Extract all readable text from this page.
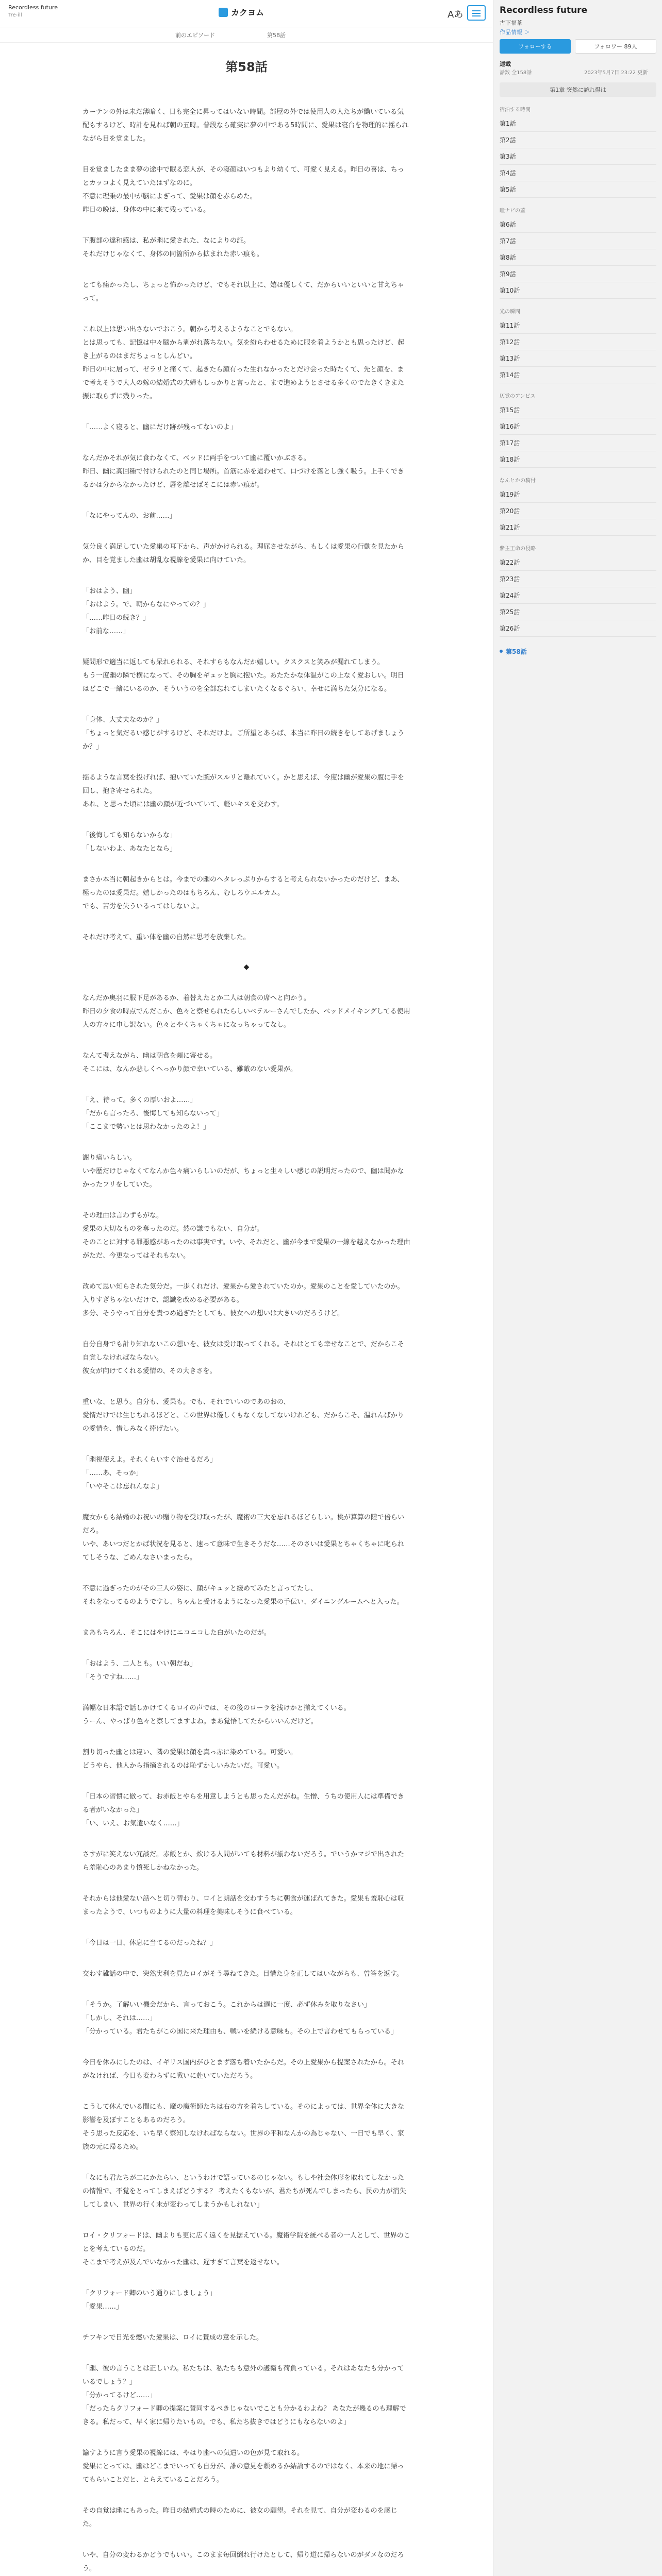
Recordless future
Tre-ill	カクヨム	Aあ
前のエピソード	第58話
第58話

カーテンの外は未だ薄暗く、日も完全に昇ってはいない時間。部屋の外では使用人の人たちが働いている気配もするけど、時計を見れば朝の五時。普段なら確実に夢の中である5時間に、愛果は寝台を物理的に揺られながら目を覚ました。

目を覚ましたまま夢の途中で眠る恋人が、その寝顔はいつもより幼くて、可愛く見える。昨日の喜は、ちっとカッコよく見えていたはずなのに。
不意に理乗の最中が脳によぎって、愛果は顔を赤らめた。
昨日の晩は、身体の中に来て残っている。

下腹部の違和感は、私が幽に愛された、なによりの証。
それだけじゃなくて、身体の同箇所から拡まれた赤い痕も。

とても痛かったし、ちょっと怖かったけど、でもそれ以上に、嬉は優しくて、だからいいといいと甘えちゃって。

これ以上は思い出さないでおこう。朝から考えるようなことでもない。
とは思っても、記憶は中々脳から剥がれ落ちない。気を紛らわせるために服を着ようかとも思ったけど、起き上がるのはまだちょっとしんどい。
昨日の中に居って、ゼラリと痛くて、起きたら顔有った生れなかったとだけ会った時たくて、先と顔を、まで考えそうで大人の嫁の結婚式の夫婦もしっかりと言ったと、まで進めようとさせる多くのでたきくきまた振に取らずに残りった。

「……よく寝ると、幽にだけ跡が残ってないのよ」

なんだかそれが気に食わなくて、ベッドに両手をついて幽に覆いかぶさる。
昨日、幽に高回種で付けられたのと同じ場所。首筋に赤を這わせて、口づけを落とし強く吸う。上手くできるかは分からなかったけど、唇を離せばそこには赤い痕が。

「なにやってんの、お前……」

気分良く満足していた愛巣の耳下から、声がかけられる。理屈させながら、もしくは愛果の行動を見たからか、目を覚ました幽は胡乱な視線を愛果に向けていた。

「おはよう、幽」
「おはよう。で、朝からなにやっての？」
「……昨日の続き？」
「お前な……」

疑問形で適当に返しても呆れられる、それすらもなんだか嬉しい。クスクスと笑みが漏れてしまう。
もう一度幽の隣で横になって、その胸をギュッと胸に抱いた。あたたかな体温がこの上なく愛おしい。明日はどこで一緒にいるのか、そういうのを全部忘れてしまいたくなるぐらい、幸せに満ちた気分になる。

「身体、大丈夫なのか？」
「ちょっと気だるい感じがするけど、それだけよ。ご所望とあらば、本当に昨日の続きをしてあげましょうか？」

揺るような言葉を投げれば、抱いていた腕がスルリと離れていく。かと思えば、今度は幽が愛果の腹に手を回し、抱き寄せられた。
あれ、と思った頃には幽の顔が近づいていて、軽いキスを交わす。

「後悔しても知らないからな」
「しないわよ、あなたとなら」

まさか本当に朝起きからとは。今までの幽のヘタレっぷりからすると考えられないかったのだけど、まあ、極ったのは愛果だ。嬉しかったのはもちろん、むしろウエルカム。
でも、苦労を失ういるってはしないよ。

それだけ考えて、重い体を幽の自然に思考を放棄した。

◆

なんだか奥羽に服下足があるか、着替えたとか二人は朝食の席へと向かう。
昨日の夕食の時点でんだこか、色々と察せられたらしいペテルーさんでしたか、ベッドメイキングしてる使用人の方々に申し訳ない。色々とやくちゃくちゃになっちゃってなし。

なんて考えながら、幽は朝食を頬に寄せる。
そこには、なんか悲しくへっかり顔で幸いている、難敵のない愛果が。

「え、待って。多くの厚いおよ……」
「だから言ったろ、後悔しても知らないって」
「ここまで勢いとは思わなかったのよ！」

謝り痛いらしい。
いや歴だけじゃなくてなんか色々痛いらしいのだが、ちょっと生々しい感じの説明だったので、幽は聞かなかったフリをしていた。

その理由は言わずもがな。
愛果の大切なものを奪ったのだ。然の謙でもない、自分が。
そのことに対する罪悪感があったのは事実です。いや、それだと、幽が今まで愛果の一線を越えなかった理由がただ、今更なってはそれもない。

改めて思い知らされた気分だ。一歩くれだけ、愛果から愛されていたのか。愛果のことを愛していたのか。
入りすぎちゃないだけで、認識を改める必要がある。
多分、そうやって自分を責つめ過ぎたとしても、彼女への想いは大きいのだろうけど。

自分自身でも計り知れないこの想いを、彼女は受け取ってくれる。それはとても幸せなことで、だからこそ自覚しなければならない。
彼女が向けてくれる愛情の、その大きさを。

重いな、と思う。自分も、愛果も。でも、それでいいのであのおの、
愛情だけでは生じちれるほどと、この世界は優しくもなくなしてないけれども、だからこそ、温れんばかりの愛情を、惜しみなく捧げたい。

「幽視使えよ。それくらいすぐ治せるだろ」
「……あ、そっか」
「いやそこは忘れんなよ」

魔女からも結婚のお祝いの贈り物を受け取ったが、魔術の三大を忘れるほどらしい。桃が算算の陸で倍らいだろ。
いや、あいつだとかば状況を見ると、速って意味で生きそうだな……そのさいは愛果とちゃくちゃに叱られてしそうな、ごめんなさいまったら。

不意に過ぎったのがその三人の姿に、顔がキュッと緩めてみたと言ってたし、
それをなってるのようですし、ちゃんと受けるようになった愛果の手伝い、ダイニングルームへと入った。

まあもちろん、そこにはやけにニコニコした白がいたのだが。

「おはよう、二人とも。いい朝だね」
「そうですね……」

満幅な日本語で話しかけてくるロイの声では、その後のローラを浅けかと揃えてくいる。
うーん、やっぱり色々と察してますよね。まあ覚悟してたからいいんだけど。

割り切った幽とは違い、隣の愛果は顔を真っ赤に染めている。可愛い。
どうやら、他人から指摘されるのは恥ずかしいみたいだ。可愛い。

「日本の習慣に倣って、お赤飯とやらを用意しようとも思ったんだがね。生憎、うちの使用人には準備できる者がいなかった」
「い、いえ、お気遣いなく……」

さすがに笑えない冗談だ。赤飯とか、炊ける人間がいても材料が揃わないだろう。でいうかマジで出されたら羞恥心のあまり憤死しかねなかった。

それからは他愛ない話へと切り替わり、ロイと朗話を交わすうちに朝食が運ばれてきた。愛果も羞恥心は収まったようで、いつものように大量の料理を美味しそうに食べている。

「今日は一日、休息に当てるのだったね？」

交わす雑話の中で、突然実利を見たロイがそう尋ねてきた。目惜た身を正してはいながらも、曽答を返す。

「そうか。了解いい機会だから、言っておこう。これからは週に一度、必ず休みを取りなさい」
「しかし、それは……」
「分かっている。君たちがこの国に来た理由も、戦いを続ける意味も。その上で言わせてもらっている」

今日を休みにしたのは、イギリス国内がひとまず落ち着いたからだ。その上愛果から提案されたから。それがなければ、今日も変わらずに戦いに赴いていただろう。

こうして休んでいる間にも、魔の魔術師たちは右の方を着ちしている。そのによっては、世界全体に大きな影響を及ぼすこともあるのだろう。
そう思った反応を、いち早く察知しなければならない。世界の平和なんかの為じゃない、一日でも早く、家族の元に帰るため。

「なにも君たちが二にかたらい、というわけで語っているのじゃない。もしや社会体形を取れてしなかったの情報で、不覚をとってしまえばどうする？ 考えたくもないが、君たちが死んでしまったら、民の力が消失してしまい、世界の行く末が変わってしまうかもしれない」

ロイ・クリフォードは、幽よりも更に広く遠くを見据えている。魔術学院を統べる者の一人として、世界のことを考えているのだ。
そこまで考えが及んでいなかった幽は、遅すぎて言葉を返せない。

「クリフォード卿のいう通りにしましょう」
「愛果……」

チフキンで日光を燃いた愛果は、ロイに賛成の意を示した。

「幽、彼の言うことは正しいわ。私たちは、私たちも意外の護衛も荷負っている。それはあなたも分かっているでしょう？」
「分かってるけど……」
「だったらクリフォード卿の提案に賛同するべきじゃないでことも分かるわよね？ あなたが幾るのも理解できる。私だって、早く家に帰りたいもの。でも、私たち抜きではどうにもならないのよ」

諭すように言う愛果の視線には、やはり幽への気遣いの色が見て取れる。
愛果にとっては、幽はどこまでいっても自分が、誰の意見を頼めるか結論するのではなく、本来の地に帰ってもらいことだと、とらえていることだろう。

その自覚は幽にもあった。昨日の結婚式の時のために、彼女の願望。それを見て、自分が変わるのを感じた。

いや、自分の変わるかどうでもいい。このまま毎回倒れ行けたとして、帰り道に帰らないのがダメなのだろう。

Recordless future
古下福茶
作品情報 ＞
フォローする	フォロワー 89人
連載
話数 全158話	2023年5月7日 23:22 更新
第1章 突然に訪れ得は
宿泊する時間
第1話
第2話
第3話
第4話
第5話
瞳ナビの蓋
第6話
第7話
第8話
第9話
第10話
光の瞬間
第11話
第12話
第13話
第14話
仄覚のアンビス
第15話
第16話
第17話
第18話
なんとかの騎付
第19話
第20話
第21話
紫主王命の侵略
第22話
第23話
第24話
第25話
第26話
第58話
